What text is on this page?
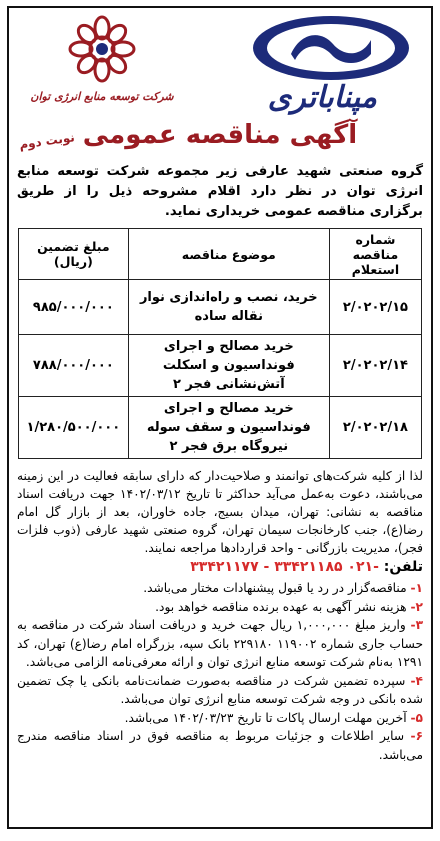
مپناباتری
شرکت توسعه منابع انرژی توان
آگهی مناقصه عمومی
نوبت دوم
گروه صنعتی شهید عارفی زیر مجموعه شرکت توسعه منابع انرژی توان در نظر دارد اقلام مشروحه ذیل را از طریق برگزاری مناقصه عمومی خریداری نماید.
شماره مناقصه استعلام	موضوع مناقصه	مبلغ تضمین (ریال)
۲/۰۲۰۲/۱۵	خرید، نصب و راه‌اندازی نوار نقاله ساده	۹۸۵/۰۰۰/۰۰۰
۲/۰۲۰۲/۱۴	خرید مصالح و اجرای فونداسیون و اسکلت آتش‌نشانی فجر ۲	۷۸۸/۰۰۰/۰۰۰
۲/۰۲۰۲/۱۸	خرید مصالح و اجرای فونداسیون و سقف سوله نیروگاه برق فجر ۲	۱/۲۸۰/۵۰۰/۰۰۰
لذا از کلیه شرکت‌های توانمند و صلاحیت‌دار که دارای سابقه فعالیت در این زمینه می‌باشند، دعوت به‌عمل می‌آید حداکثر تا تاریخ ۱۴۰۲/۰۳/۱۲ جهت دریافت اسناد مناقصه به نشانی: تهران، میدان بسیج، جاده خاوران، بعد از بازار گل امام رضا(ع)، جنب کارخانجات سیمان تهران، گروه صنعتی شهید عارفی (ذوب فلزات فجر)، مدیریت بازرگانی - واحد قراردادها مراجعه نمایند.
تلفن: -۰۲۱ ۳۳۴۲۱۱۸۵ - ۳۳۴۲۱۱۷۷
۱- مناقصه‌گزار در رد یا قبول پیشنهادات مختار می‌باشد.
۲- هزینه نشر آگهی به عهده برنده مناقصه خواهد بود.
۳- واریز مبلغ ۱,۰۰۰,۰۰۰ ریال جهت خرید و دریافت اسناد شرکت در مناقصه به حساب جاری شماره ۱۱۹۰۰۲ ۲۲۹۱۸۰ بانک سپه، بزرگراه امام رضا(ع) تهران، کد ۱۲۹۱ به‌نام شرکت توسعه منابع انرژی توان و ارائه معرفی‌نامه الزامی می‌باشد.
۴- سپرده تضمین شرکت در مناقصه به‌صورت ضمانت‌نامه بانکی یا چک تضمین شده بانکی در وجه شرکت توسعه منابع انرژی توان می‌باشد.
۵- آخرین مهلت ارسال پاکات تا تاریخ ۱۴۰۲/۰۳/۲۳ می‌باشد.
۶- سایر اطلاعات و جزئیات مربوط به مناقصه فوق در اسناد مناقصه مندرج می‌باشد.
